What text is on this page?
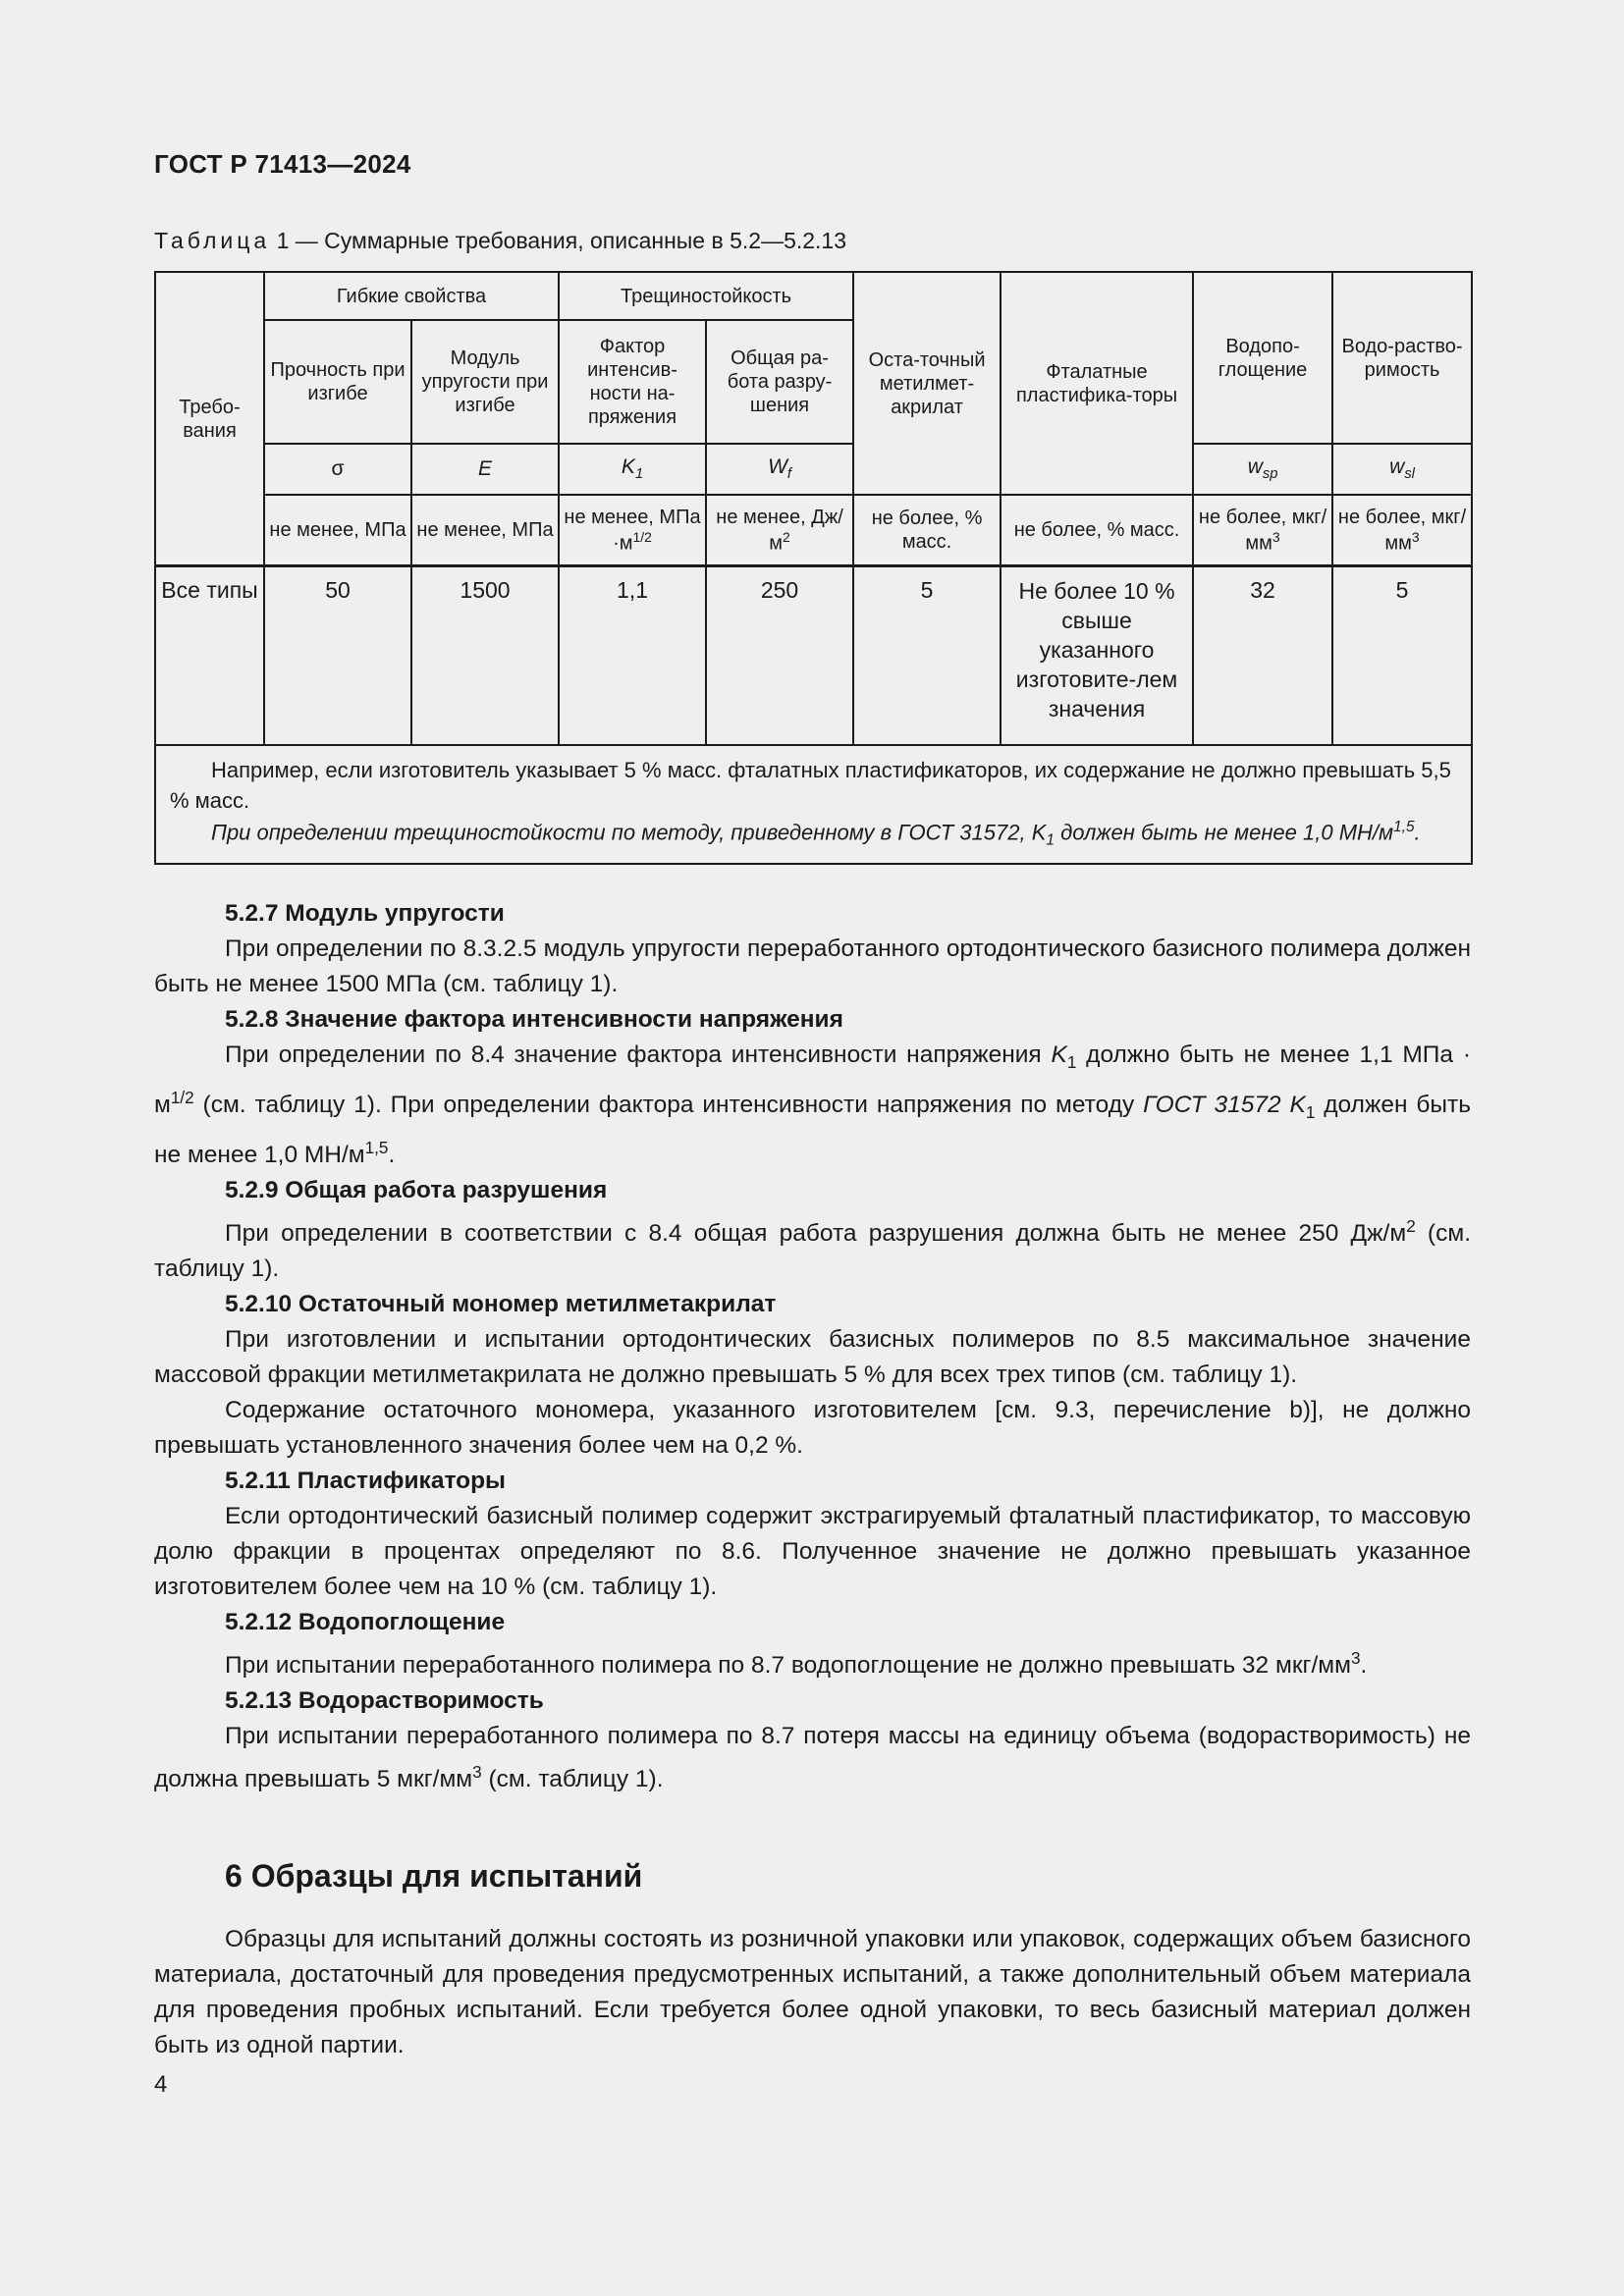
ГОСТ Р 71413—2024
Таблица 1 — Суммарные требования, описанные в 5.2—5.2.13
Требо-вания	Гибкие свойства		Трещиностойкость		Оста-точный метилмет-акрилат	Фталатные пластифика-торы	Водопо-глощение	Водо-раство-римость
	Прочность при изгибе	Модуль упругости при изгибе	Фактор интенсив-ности на-пряжения	Общая ра-бота разру-шения				
	σ	E	$K_1$	$W_f$			$w_{sp}$	$w_{sl}$
	не менее, МПа	не менее, МПа	не менее, МПа $\cdot м^{1/2}$	не менее, $Дж/м^2$	не более, % масс.	не более, % масс.	не более, мкг/$мм^3$	не более, мкг/$мм^3$
Все типы	50	1500	1,1	250	5	Не более 10 % свыше указанного изготовите-лем значения	32	5

Например, если изготовитель указывает 5 % масс. фталатных пластификаторов, их содержание не должно превышать 5,5 % масс.

При определении трещиностойкости по методу, приведенному в ГОСТ 31572, $K_1$ должен быть не менее 1,0 $МН/м^{1,5}$.								

5.2.7 Модуль упругости

При определении по 8.3.2.5 модуль упругости переработанного ортодонтического базисного полимера должен быть не менее 1500 МПа (см. таблицу 1).

5.2.8 Значение фактора интенсивности напряжения

При определении по 8.4 значение фактора интенсивности напряжения $K_1$ должно быть не менее 1,1 МПа · $м^{1/2}$ (см. таблицу 1). При определении фактора интенсивности напряжения по методу ГОСТ 31572 $K_1$ должен быть не менее 1,0 $МН/м^{1,5}$.

5.2.9 Общая работа разрушения

При определении в соответствии с 8.4 общая работа разрушения должна быть не менее 250 $Дж/м^2$ (см. таблицу 1).

5.2.10 Остаточный мономер метилметакрилат

При изготовлении и испытании ортодонтических базисных полимеров по 8.5 максимальное значение массовой фракции метилметакрилата не должно превышать 5 % для всех трех типов (см. таблицу 1).

Содержание остаточного мономера, указанного изготовителем [см. 9.3, перечисление b)], не должно превышать установленного значения более чем на 0,2 %.

5.2.11 Пластификаторы

Если ортодонтический базисный полимер содержит экстрагируемый фталатный пластификатор, то массовую долю фракции в процентах определяют по 8.6. Полученное значение не должно превышать указанное изготовителем более чем на 10 % (см. таблицу 1).

5.2.12 Водопоглощение

При испытании переработанного полимера по 8.7 водопоглощение не должно превышать 32 мкг/$мм^3$.

5.2.13 Водорастворимость

При испытании переработанного полимера по 8.7 потеря массы на единицу объема (водорастворимость) не должна превышать 5 мкг/$мм^3$ (см. таблицу 1).

6 Образцы для испытаний

Образцы для испытаний должны состоять из розничной упаковки или упаковок, содержащих объем базисного материала, достаточный для проведения предусмотренных испытаний, а также дополнительный объем материала для проведения пробных испытаний. Если требуется более одной упаковки, то весь базисный материал должен быть из одной партии.

4
